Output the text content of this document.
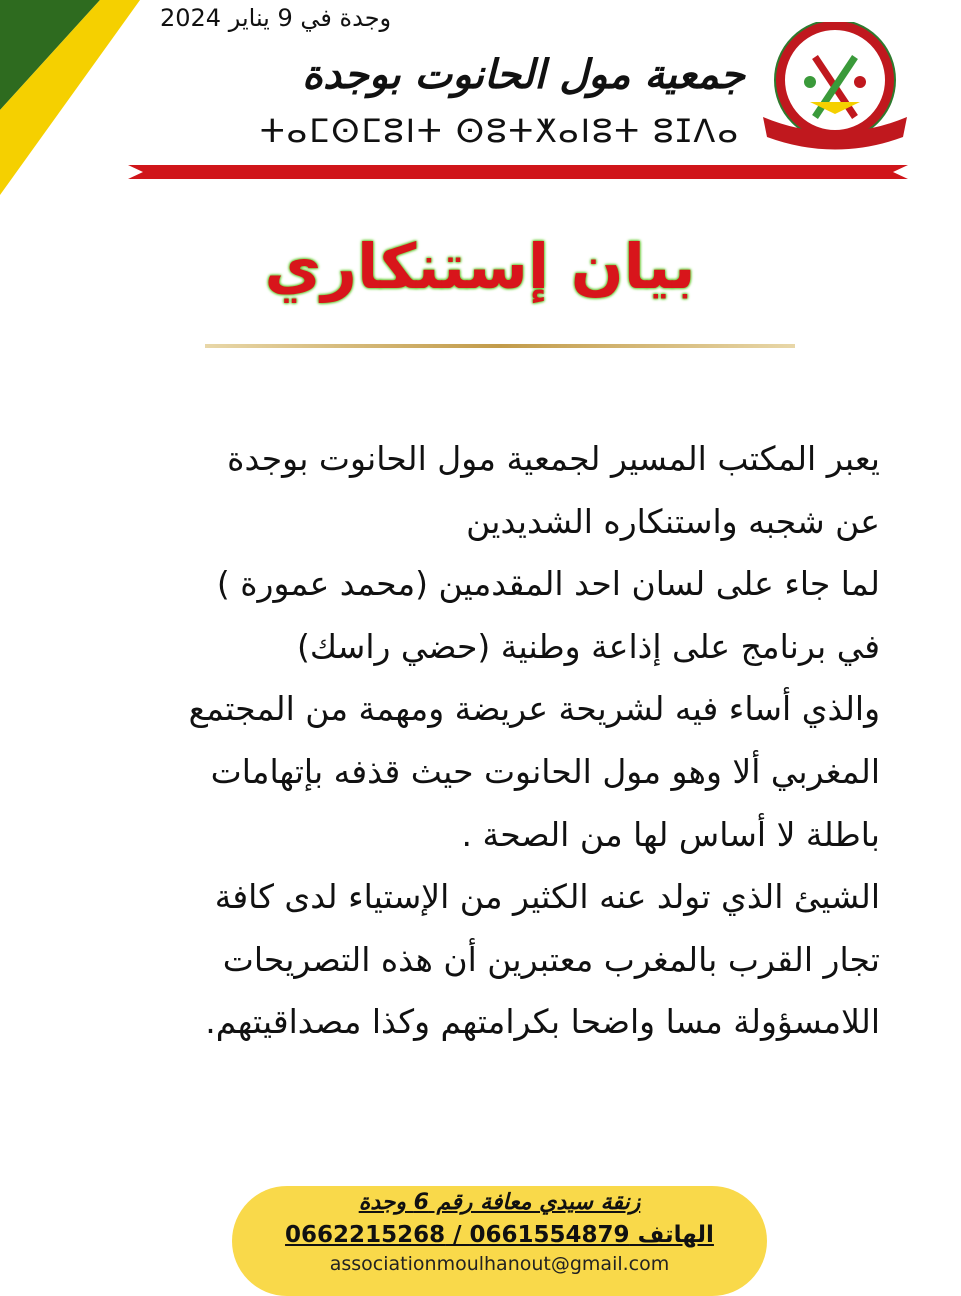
وجدة في 9 يناير 2024
جمعية مول الحانوت بوجدة
ⵜⴰⵎⵙⵎⵓⵏⵜ ⵙⵓⵜⵅⴰⵏⵓⵜ ⵓⵊⴷⴰ
بيان إستنكاري
يعبر المكتب المسير لجمعية مول الحانوت بوجدة
عن شجبه واستنكاره الشديدين
لما جاء على لسان احد المقدمين (محمد عمورة )
في برنامج على إذاعة وطنية (حضي راسك)
والذي أساء فيه لشريحة عريضة ومهمة من المجتمع
المغربي ألا وهو مول الحانوت حيث قذفه بإتهامات
باطلة لا أساس لها من الصحة .
الشيئ الذي تولد عنه الكثير من الإستياء لدى كافة
تجار القرب بالمغرب معتبرين أن هذه التصريحات
اللامسؤولة مسا واضحا بكرامتهم وكذا مصداقيتهم.
زنقة سيدي معافة رقم 6 وجدة
الهاتف 0661554879 / 0662215268
associationmoulhanout@gmail.com
